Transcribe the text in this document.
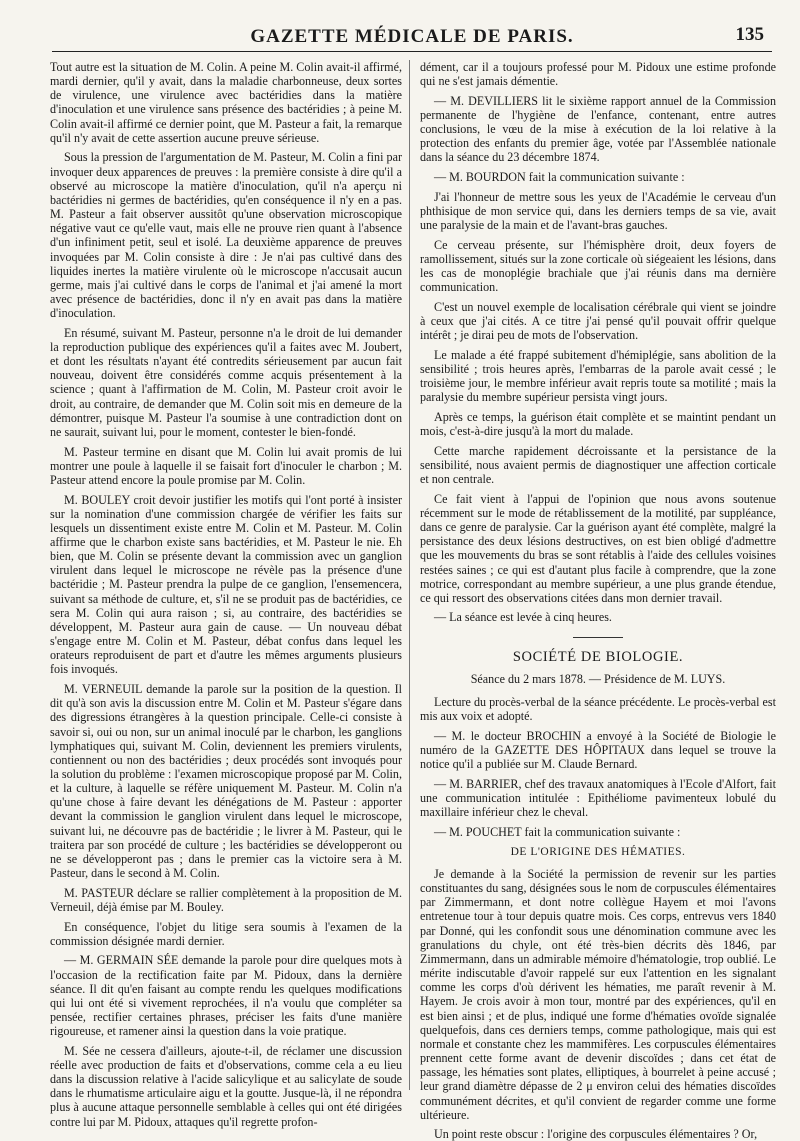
GAZETTE MÉDICALE DE PARIS.	135

Tout autre est la situation de M. Colin. A peine M. Colin avait-il affirmé, mardi dernier, qu'il y avait, dans la maladie charbonneuse, deux sortes de virulence, une virulence avec bactéridies dans la matière d'inoculation et une virulence sans présence des bactéridies ; à peine M. Colin avait-il affirmé ce dernier point, que M. Pasteur a fait, la remarque qu'il n'y avait de cette assertion aucune preuve sérieuse.

Sous la pression de l'argumentation de M. Pasteur, M. Colin a fini par invoquer deux apparences de preuves : la première consiste à dire qu'il a observé au microscope la matière d'inoculation, qu'il n'a aperçu ni bactéridies ni germes de bactéridies, qu'en conséquence il n'y en a pas. M. Pasteur a fait observer aussitôt qu'une observation microscopique négative vaut ce qu'elle vaut, mais elle ne prouve rien quant à l'absence d'un infiniment petit, seul et isolé. La deuxième apparence de preuves invoquées par M. Colin consiste à dire : Je n'ai pas cultivé dans des liquides inertes la matière virulente où le microscope n'accusait aucun germe, mais j'ai cultivé dans le corps de l'animal et j'ai amené la mort avec présence de bactéridies, donc il n'y en avait pas dans la matière d'inoculation.

En résumé, suivant M. Pasteur, personne n'a le droit de lui demander la reproduction publique des expériences qu'il a faites avec M. Joubert, et dont les résultats n'ayant été contredits sérieusement par aucun fait nouveau, doivent être considérés comme acquis présentement à la science ; quant à l'affirmation de M. Colin, M. Pasteur croit avoir le droit, au contraire, de demander que M. Colin soit mis en demeure de la démontrer, puisque M. Pasteur l'a soumise à une contradiction dont on ne saurait, suivant lui, pour le moment, contester le bien-fondé.

M. Pasteur termine en disant que M. Colin lui avait promis de lui montrer une poule à laquelle il se faisait fort d'inoculer le charbon ; M. Pasteur attend encore la poule promise par M. Colin.

M. BOULEY croit devoir justifier les motifs qui l'ont porté à insister sur la nomination d'une commission chargée de vérifier les faits sur lesquels un dissentiment existe entre M. Colin et M. Pasteur. M. Colin affirme que le charbon existe sans bactéridies, et M. Pasteur le nie. Eh bien, que M. Colin se présente devant la commission avec un ganglion virulent dans lequel le microscope ne révèle pas la présence d'une bactéridie ; M. Pasteur prendra la pulpe de ce ganglion, l'ensemencera, suivant sa méthode de culture, et, s'il ne se produit pas de bactéridies, ce sera M. Colin qui aura raison ; si, au contraire, des bactéridies se développent, M. Pasteur aura gain de cause. — Un nouveau débat s'engage entre M. Colin et M. Pasteur, débat confus dans lequel les orateurs reproduisent de part et d'autre les mêmes arguments plusieurs fois invoqués.

M. VERNEUIL demande la parole sur la position de la question. Il dit qu'à son avis la discussion entre M. Colin et M. Pasteur s'égare dans des digressions étrangères à la question principale. Celle-ci consiste à savoir si, oui ou non, sur un animal inoculé par le charbon, les ganglions lymphatiques qui, suivant M. Colin, deviennent les premiers virulents, contiennent ou non des bactéridies ; deux procédés sont invoqués pour la solution du problème : l'examen microscopique proposé par M. Colin, et la culture, à laquelle se réfère uniquement M. Pasteur. M. Colin n'a qu'une chose à faire devant les dénégations de M. Pasteur : apporter devant la commission le ganglion virulent dans lequel le microscope, suivant lui, ne découvre pas de bactéridie ; le livrer à M. Pasteur, qui le traitera par son procédé de culture ; les bactéridies se développeront ou ne se développeront pas ; dans le premier cas la victoire sera à M. Pasteur, dans le second à M. Colin.

M. PASTEUR déclare se rallier complètement à la proposition de M. Verneuil, déjà émise par M. Bouley.

En conséquence, l'objet du litige sera soumis à l'examen de la commission désignée mardi dernier.

— M. GERMAIN SÉE demande la parole pour dire quelques mots à l'occasion de la rectification faite par M. Pidoux, dans la dernière séance. Il dit qu'en faisant au compte rendu les quelques modifications qui lui ont été si vivement reprochées, il n'a voulu que compléter sa pensée, rectifier certaines phrases, préciser les faits d'une manière rigoureuse, et ramener ainsi la question dans la voie pratique.

M. Sée ne cessera d'ailleurs, ajoute-t-il, de réclamer une discussion réelle avec production de faits et d'observations, comme cela a eu lieu dans la discussion relative à l'acide salicylique et au salicylate de soude dans le rhumatisme articulaire aigu et la goutte. Jusque-là, il ne répondra plus à aucune attaque personnelle semblable à celles qui ont été dirigées contre lui par M. Pidoux, attaques qu'il regrette profon-

dément, car il a toujours professé pour M. Pidoux une estime profonde qui ne s'est jamais démentie.

— M. DEVILLIERS lit le sixième rapport annuel de la Commission permanente de l'hygiène de l'enfance, contenant, entre autres conclusions, le vœu de la mise à exécution de la loi relative à la protection des enfants du premier âge, votée par l'Assemblée nationale dans la séance du 23 décembre 1874.

— M. BOURDON fait la communication suivante :

J'ai l'honneur de mettre sous les yeux de l'Académie le cerveau d'un phthisique de mon service qui, dans les derniers temps de sa vie, avait une paralysie de la main et de l'avant-bras gauches.

Ce cerveau présente, sur l'hémisphère droit, deux foyers de ramollissement, situés sur la zone corticale où siégeaient les lésions, dans les cas de monoplégie brachiale que j'ai réunis dans ma dernière communication.

C'est un nouvel exemple de localisation cérébrale qui vient se joindre à ceux que j'ai cités. A ce titre j'ai pensé qu'il pouvait offrir quelque intérêt ; je dirai peu de mots de l'observation.

Le malade a été frappé subitement d'hémiplégie, sans abolition de la sensibilité ; trois heures après, l'embarras de la parole avait cessé ; le troisième jour, le membre inférieur avait repris toute sa motilité ; mais la paralysie du membre supérieur persista vingt jours.

Après ce temps, la guérison était complète et se maintint pendant un mois, c'est-à-dire jusqu'à la mort du malade.

Cette marche rapidement décroissante et la persistance de la sensibilité, nous avaient permis de diagnostiquer une affection corticale et non centrale.

Ce fait vient à l'appui de l'opinion que nous avons soutenue récemment sur le mode de rétablissement de la motilité, par suppléance, dans ce genre de paralysie. Car la guérison ayant été complète, malgré la persistance des deux lésions destructives, on est bien obligé d'admettre que les mouvements du bras se sont rétablis à l'aide des cellules voisines restées saines ; ce qui est d'autant plus facile à comprendre, que la zone motrice, correspondant au membre supérieur, a une plus grande étendue, ce qui ressort des observations citées dans mon dernier travail.

— La séance est levée à cinq heures.

SOCIÉTÉ DE BIOLOGIE.
Séance du 2 mars 1878. — Présidence de M. LUYS.

Lecture du procès-verbal de la séance précédente. Le procès-verbal est mis aux voix et adopté.

— M. le docteur BROCHIN a envoyé à la Société de Biologie le numéro de la GAZETTE DES HÔPITAUX dans lequel se trouve la notice qu'il a publiée sur M. Claude Bernard.

— M. BARRIER, chef des travaux anatomiques à l'Ecole d'Alfort, fait une communication intitulée : Epithéliome pavimenteux lobulé du maxillaire inférieur chez le cheval.

— M. POUCHET fait la communication suivante :

DE L'ORIGINE DES HÉMATIES.

Je demande à la Société la permission de revenir sur les parties constituantes du sang, désignées sous le nom de corpuscules élémentaires par Zimmermann, et dont notre collègue Hayem et moi l'avons entretenue tour à tour depuis quatre mois. Ces corps, entrevus vers 1840 par Donné, qui les confondit sous une dénomination commune avec les granulations du chyle, ont été très-bien décrits dès 1846, par Zimmermann, dans un admirable mémoire d'hématologie, trop oublié. Le mérite indiscutable d'avoir rappelé sur eux l'attention en les signalant comme les corps d'où dérivent les hématies, me paraît revenir à M. Hayem. Je crois avoir à mon tour, montré par des expériences, qu'il en est bien ainsi ; et de plus, indiqué une forme d'hématies ovoïde signalée quelquefois, dans ces derniers temps, comme pathologique, mais qui est normale et constante chez les mammifères. Les corpuscules élémentaires prennent cette forme avant de devenir discoïdes ; dans cet état de passage, les hématies sont plates, elliptiques, à bourrelet à peine accusé ; leur grand diamètre dépasse de 2 μ environ celui des hématies discoïdes communément décrites, et qu'il convient de regarder comme une forme ultérieure.

Un point reste obscur : l'origine des corpuscules élémentaires ? Or,
